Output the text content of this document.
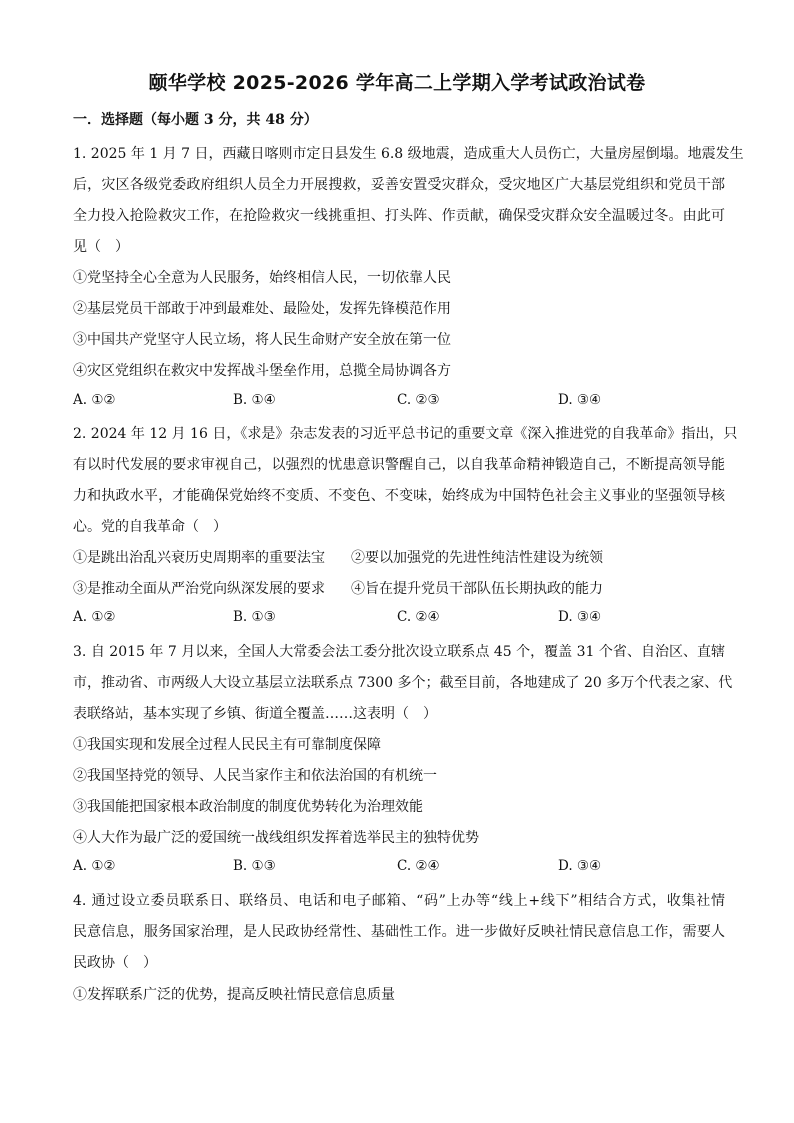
颐华学校 2025-2026 学年高二上学期入学考试政治试卷
一．选择题（每小题 3 分，共 48 分）
1. 2025 年 1 月 7 日，西藏日喀则市定日县发生 6.8 级地震，造成重大人员伤亡，大量房屋倒塌。地震发生
后，灾区各级党委政府组织人员全力开展搜救，妥善安置受灾群众，受灾地区广大基层党组织和党员干部
全力投入抢险救灾工作，在抢险救灾一线挑重担、打头阵、作贡献，确保受灾群众安全温暖过冬。由此可
见（　）
①党坚持全心全意为人民服务，始终相信人民，一切依靠人民
②基层党员干部敢于冲到最难处、最险处，发挥先锋模范作用
③中国共产党坚守人民立场，将人民生命财产安全放在第一位
④灾区党组织在救灾中发挥战斗堡垒作用，总揽全局协调各方
A. ①②	B. ①④	C. ②③	D. ③④
2. 2024 年 12 月 16 日，《求是》杂志发表的习近平总书记的重要文章《深入推进党的自我革命》指出，只
有以时代发展的要求审视自己，以强烈的忧患意识警醒自己，以自我革命精神锻造自己，不断提高领导能
力和执政水平，才能确保党始终不变质、不变色、不变味，始终成为中国特色社会主义事业的坚强领导核
心。党的自我革命（　）
①是跳出治乱兴衰历史周期率的重要法宝	②要以加强党的先进性纯洁性建设为统领
③是推动全面从严治党向纵深发展的要求	④旨在提升党员干部队伍长期执政的能力
A. ①②	B. ①③	C. ②④	D. ③④
3. 自 2015 年 7 月以来，全国人大常委会法工委分批次设立联系点 45 个，覆盖 31 个省、自治区、直辖
市，推动省、市两级人大设立基层立法联系点 7300 多个；截至目前，各地建成了 20 多万个代表之家、代
表联络站，基本实现了乡镇、街道全覆盖……这表明（　）
①我国实现和发展全过程人民民主有可靠制度保障
②我国坚持党的领导、人民当家作主和依法治国的有机统一
③我国能把国家根本政治制度的制度优势转化为治理效能
④人大作为最广泛的爱国统一战线组织发挥着选举民主的独特优势
A. ①②	B. ①③	C. ②④	D. ③④
4. 通过设立委员联系日、联络员、电话和电子邮箱、“码”上办等“线上+线下”相结合方式，收集社情
民意信息，服务国家治理，是人民政协经常性、基础性工作。进一步做好反映社情民意信息工作，需要人
民政协（　）
①发挥联系广泛的优势，提高反映社情民意信息质量
